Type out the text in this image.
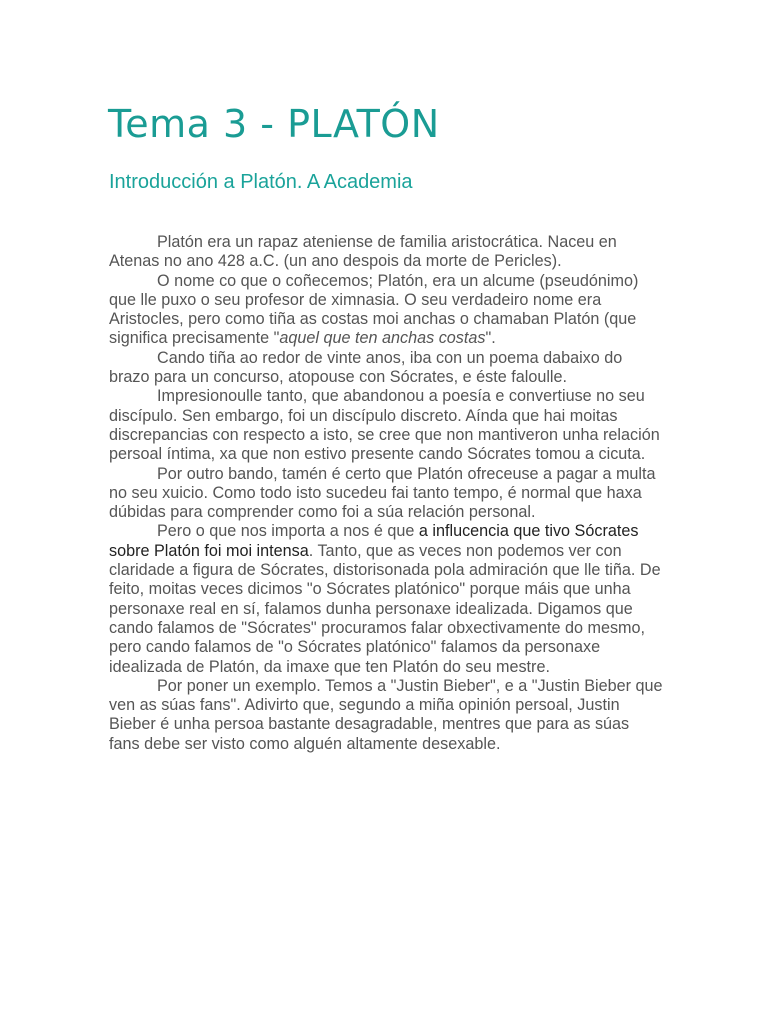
Tema 3 - PLATÓN
Introducción a Platón. A Academia

Platón era un rapaz ateniense de familia aristocrática. Naceu en Atenas no ano 428 a.C. (un ano despois da morte de Pericles).

O nome co que o coñecemos; Platón, era un alcume (pseudónimo) que lle puxo o seu profesor de ximnasia. O seu verdadeiro nome era Aristocles, pero como tiña as costas moi anchas o chamaban Platón (que significa precisamente "aquel que ten anchas costas".

Cando tiña ao redor de vinte anos, iba con un poema dabaixo do brazo para un concurso, atopouse con Sócrates, e éste faloulle.

Impresionoulle tanto, que abandonou a poesía e convertiuse no seu discípulo. Sen embargo, foi un discípulo discreto. Aínda que hai moitas discrepancias con respecto a isto, se cree que non mantiveron unha relación persoal íntima, xa que non estivo presente cando Sócrates tomou a cicuta.

Por outro bando, tamén é certo que Platón ofreceuse a pagar a multa no seu xuicio. Como todo isto sucedeu fai tanto tempo, é normal que haxa dúbidas para comprender como foi a súa relación personal.

Pero o que nos importa a nos é que a influcencia que tivo Sócrates sobre Platón foi moi intensa. Tanto, que as veces non podemos ver con claridade a figura de Sócrates, distorisonada pola admiración que lle tiña. De feito, moitas veces dicimos "o Sócrates platónico" porque máis que unha personaxe real en sí, falamos dunha personaxe idealizada. Digamos que cando falamos de "Sócrates" procuramos falar obxectivamente do mesmo, pero cando falamos de "o Sócrates platónico" falamos da personaxe idealizada de Platón, da imaxe que ten Platón do seu mestre.

Por poner un exemplo. Temos a "Justin Bieber", e a "Justin Bieber que ven as súas fans". Adivirto que, segundo a miña opinión persoal, Justin Bieber é unha persoa bastante desagradable, mentres que para as súas fans debe ser visto como alguén altamente desexable.
